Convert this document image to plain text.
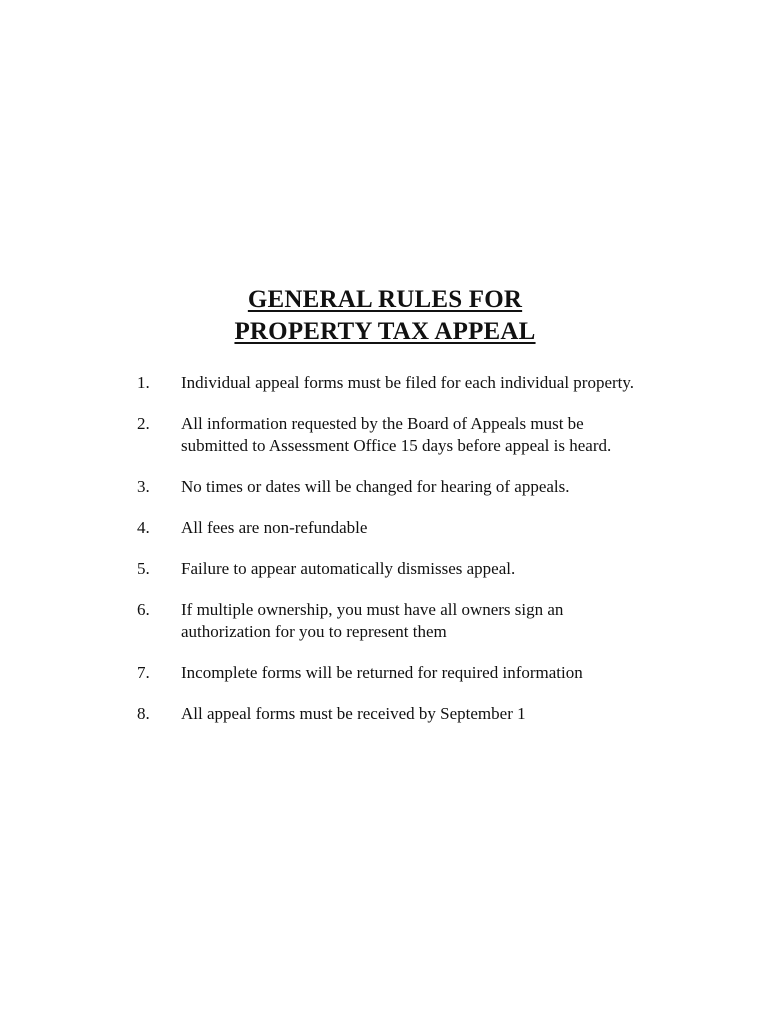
GENERAL RULES FOR
PROPERTY TAX APPEAL
1.	Individual appeal forms must be filed for each individual property.
2.	All information requested by the Board of Appeals must be
submitted to Assessment Office 15 days before appeal is heard.
3.	No times or dates will be changed for hearing of appeals.
4.	All fees are non-refundable
5.	Failure to appear automatically dismisses appeal.
6.	If multiple ownership, you must have all owners sign an
authorization for you to represent them
7.	Incomplete forms will be returned for required information
8.	All appeal forms must be received by September 1
